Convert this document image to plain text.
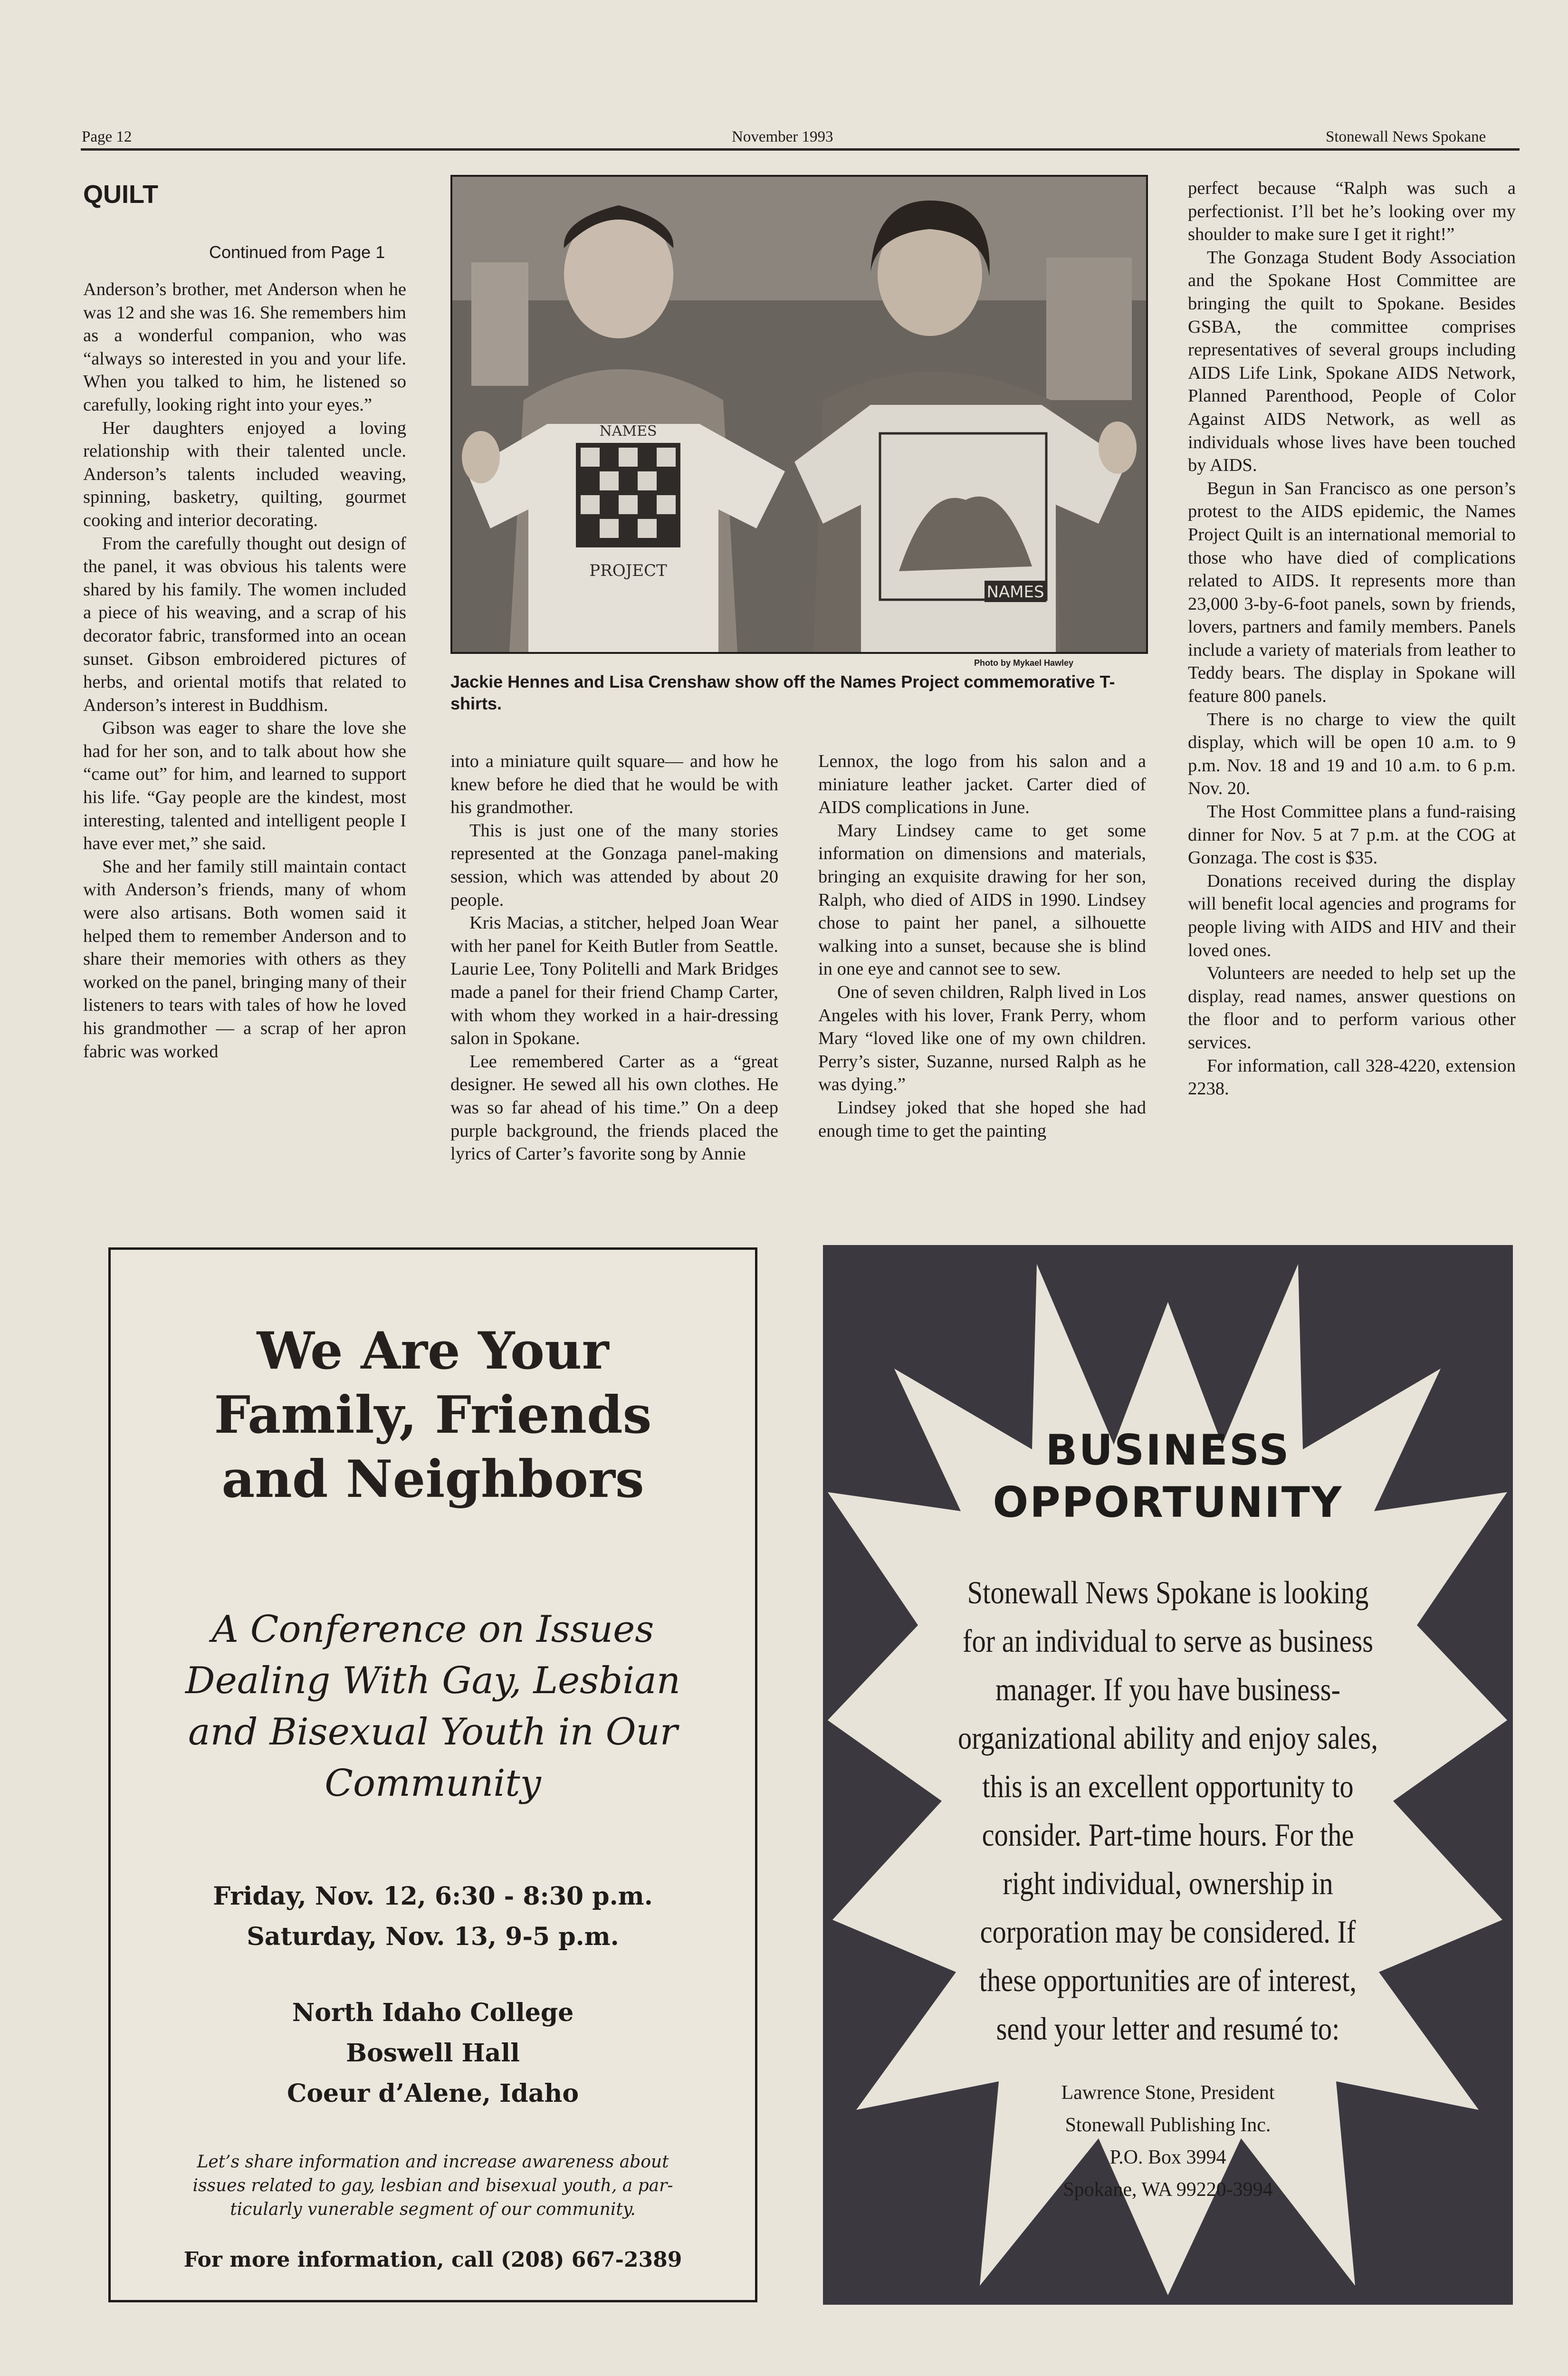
Page 12	November 1993	Stonewall News Spokane
QUILT
Continued from Page 1

Anderson’s brother, met Anderson when he was 12 and she was 16. She remembers him as a wonderful companion, who was “always so interested in you and your life. When you talked to him, he listened so carefully, looking right into your eyes.”

Her daughters enjoyed a loving relationship with their talented uncle. Anderson’s talents included weaving, spinning, basketry, quilting, gourmet cooking and interior decorating.

From the carefully thought out design of the panel, it was obvious his talents were shared by his family. The women included a piece of his weaving, and a scrap of his decorator fabric, transformed into an ocean sunset. Gibson embroidered pictures of herbs, and oriental motifs that related to Anderson’s interest in Buddhism.

Gibson was eager to share the love she had for her son, and to talk about how she “came out” for him, and learned to support his life. “Gay people are the kindest, most interesting, talented and intelligent people I have ever met,” she said.

She and her family still maintain contact with Anderson’s friends, many of whom were also artisans. Both women said it helped them to remember Anderson and to share their memories with others as they worked on the panel, bringing many of their listeners to tears with tales of how he loved his grandmother — a scrap of her apron fabric was worked

into a miniature quilt square— and how he knew before he died that he would be with his grandmother.

This is just one of the many stories represented at the Gonzaga panel-making session, which was attended by about 20 people.

Kris Macias, a stitcher, helped Joan Wear with her panel for Keith Butler from Seattle. Laurie Lee, Tony Politelli and Mark Bridges made a panel for their friend Champ Carter, with whom they worked in a hair-dressing salon in Spokane.

Lee remembered Carter as a “great designer. He sewed all his own clothes. He was so far ahead of his time.” On a deep purple background, the friends placed the lyrics of Carter’s favorite song by Annie

Lennox, the logo from his salon and a miniature leather jacket. Carter died of AIDS complications in June.

Mary Lindsey came to get some information on dimensions and materials, bringing an exquisite drawing for her son, Ralph, who died of AIDS in 1990. Lindsey chose to paint her panel, a silhouette walking into a sunset, because she is blind in one eye and cannot see to sew.

One of seven children, Ralph lived in Los Angeles with his lover, Frank Perry, whom Mary “loved like one of my own children. Perry’s sister, Suzanne, nursed Ralph as he was dying.”

Lindsey joked that she hoped she had enough time to get the painting

perfect because “Ralph was such a perfectionist. I’ll bet he’s looking over my shoulder to make sure I get it right!”

The Gonzaga Student Body Association and the Spokane Host Committee are bringing the quilt to Spokane. Besides GSBA, the committee comprises representatives of several groups including AIDS Life Link, Spokane AIDS Network, Planned Parenthood, People of Color Against AIDS Network, as well as individuals whose lives have been touched by AIDS.

Begun in San Francisco as one person’s protest to the AIDS epidemic, the Names Project Quilt is an international memorial to those who have died of complications related to AIDS. It represents more than 23,000 3-by-6-foot panels, sown by friends, lovers, partners and family members. Panels include a variety of materials from leather to Teddy bears. The display in Spokane will feature 800 panels.

There is no charge to view the quilt display, which will be open 10 a.m. to 9 p.m. Nov. 18 and 19 and 10 a.m. to 6 p.m. Nov. 20.

The Host Committee plans a fund-raising dinner for Nov. 5 at 7 p.m. at the COG at Gonzaga. The cost is $35.

Donations received during the display will benefit local agencies and programs for people living with AIDS and HIV and their loved ones.

Volunteers are needed to help set up the display, read names, answer questions on the floor and to perform various other services.

For information, call 328-4220, extension 2238.

NAMES
PROJECT
NAMES
Photo by Mykael Hawley

Jackie Hennes and Lisa Crenshaw show off the Names Project commemorative T-shirts.

We Are Your
Family, Friends
and Neighbors
A Conference on Issues
Dealing With Gay, Lesbian
and Bisexual Youth in Our
Community
Friday, Nov. 12, 6:30 - 8:30 p.m.
Saturday, Nov. 13, 9-5 p.m.
North Idaho College
Boswell Hall
Coeur d’Alene, Idaho
Let’s share information and increase awareness about
issues related to gay, lesbian and bisexual youth, a par-
ticularly vunerable segment of our community.
For more information, call (208) 667-2389
BUSINESS
OPPORTUNITY
Stonewall News Spokane is looking
for an individual to serve as business
manager. If you have business-
organizational ability and enjoy sales,
this is an excellent opportunity to
consider. Part-time hours. For the
right individual, ownership in
corporation may be considered. If
these opportunities are of interest,
send your letter and resumé to:
Lawrence Stone, President
Stonewall Publishing Inc.
P.O. Box 3994
Spokane, WA 99220-3994
